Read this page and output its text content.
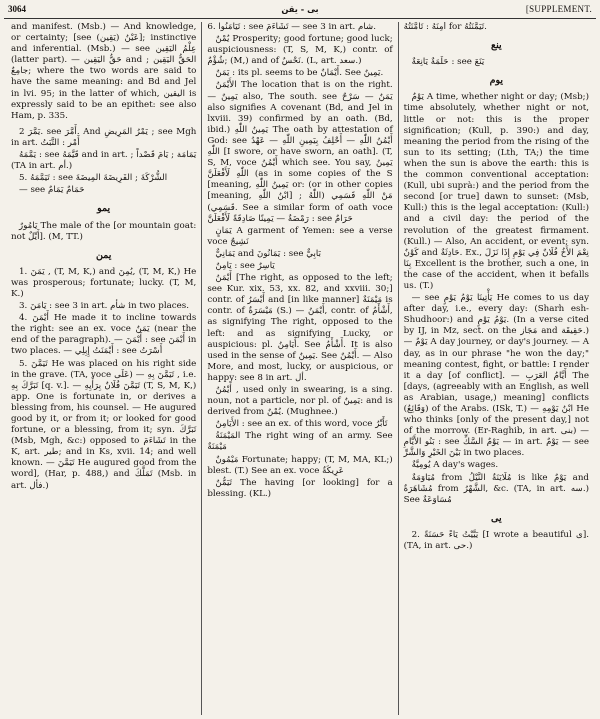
3064	بى - يقن	[SUPPLEMENT.

and manifest. (Msb.) — And knowledge, or certainty; [see (يَقِين) عَيْنُ]; instinctive and inferential. (Msb.) — see عِلْمُ اليَقِين (latter part). — حَقُّ اليَقِين and الحَقُّ اليَقِين ; جامِعٌ; where the two words are said to have the same meaning: and Bd and Jel in lvi. 95; in the latter of which, اليقين is expressly said to be an epithet: see also Ham, p. 335.

يَمَّرَ 2. see أَمَّرَ. And يَمْرُ المَرِيضِ ; see Mgh in art. أَمْر : التَّبَتُ

يَمَّمَهُ : see قَيَّمَهُ and in art. ; يَمَامَة ; يَامَ قَصْداً (TA in art. أم.)

5. تَيَمَّمَهُ : see الشُّرْكَةَ ; الفَرِيضَةَ المِيضَةَ

— see حَمَامٌ يَمَامٌ

يمو

يَامُورٌ The male of the [or mountain goat: not أَيِّلٌ]. (M, TT.)

يمن

1. يَمَنَ , (T, M, K,) and يُمِنَ, (T, M, K,) He was prosperous; fortunate; lucky. (T, M, K.)

3. يَامَنَ : see 3 in art. شأم in two places.

4. أَيْمَنَ He made it to incline towards the right: see an ex. voce يَمَنٌ (near the end of the paragraph). — أَيْمَنَ : see أَيْمَنَ in two places. — أَيْمَنَتُ إِبِلِي : see أَسْرَتُ

5. تَيَمَّنَ He was placed on his right side in the grave. (TA, voce عَلَى) — تَيَمَّنَ بِهِ , i.e. تَبَرَّكَ بِهِ [q. v.]. — تَيَمَّنَ فُلَانٌ بِرَأْيِهِ (T, S, M, K,) app. One is fortunate in, or derives a blessing from, his counsel. — He augured good by it, or from it; or looked for good fortune, or a blessing, from it; syn. تَبَرَّكَ (Msb, Mgh, &c:) opposed to تَشَاءَمَ in the K, art. طير; and in Ks, xvii. 14; and well known. — تَيَمَّنَ He augured good from the word], (Har, p. 488,) and تَمَلَّكَ (Msb. in art. فأل.)

6. تَيَامَنُوا : see تَشَاءَمَ — see 3 in art. شأم.

يُمْنٌ Prosperity; good fortune; good luck; auspiciousness: (T, S, M, K,) contr. of شُؤْمٌ; (M,) and of نَحْسٌ. (L, art. سعد.)

يَمَنٌ : its pl. seems to be أَيْمَانٌ. See يَمِينٌ.

الأَيْمَنُ The location that is on the right. — يَمِينٌ also, The south. see يَمَنٌ — سَرْحٌ also signifies A covenant (Bd, and Jel in lxviii. 39) confirmed by an oath. (Bd, ibid.) يَمِينُ اللّٰهِ The oath by attestation of God: see أَيْمُنُ اللّٰهِ — أَحْلِفُ بِيَمِينِ اللّٰهِ — عَهْدُ اللّٰهِ [I swore, or have sworn, an oath]. (T, S, M, voce أَيْمُنُ which see. You say, يَمِينُ اللّٰهِ لَأَفْعَلَنَّ (as in some copies of the S [meaning, يَمِينُ اللّٰهِ or: (or in other copies [meaning, ابْنُ اللّٰهِ] ; مَنْ اللّٰهِ قَسَمِي (اللّٰهُ قَسَمِي). See a similar form of oath voce رَمْضَةٌ — يَمِينًا صَادِقَةً لَأَفْعَلَنَّ : see حَرَامٌ

يَمَانٍ A garment of Yemen: see a verse voce نَشِيجٌ

يَمَانِيٌّ and يَمَانُونَ : see بَابِيٌّ

يَامِنٌ : see يَاسِرٌ

أَيْمَنُ [The right, as opposed to the left; see Kur. xix. 53, xx. 82, and xxviii. 30;] contr. of أَيْسَرُ and [in like manner] مَيْمَنَةٌ is contr. of مَيْسَرَةٌ (S.) — أَيْمَنُ, contr. of أَشْأَمُ, as signifying The right, opposed to the left: and as signifying Lucky, or auspicious: pl. أَيَامِنُ. See أَشْأَمُ. It is also used in the sense of يَمِينٌ. See أَيْمُنٌ. — Also More, and most, lucky, or auspicious, or happy: see 8 in art. أل.

أَيْمُنُ , used only in swearing, is a sing. noun, not a particle, nor pl. of يَمِينٌ: and is derived from يُمْنٌ. (Mughnee.)

الأَيَامِنُ : see an ex. of this word, voce تَأَبِّرُ

المَيْمَنَةُ The right wing of an army. See مَيْمَنَةٌ

مَيْمُونٌ Fortunate; happy; (T, M, MA, KL;) blest. (T.) See an ex. voce عَرِيكَةٌ

تَيَمُّنٌ The having [or looking] for a blessing. (KL.)

أَمِنَهُ : تَأَمَّنَتُهُ for تَيَمَّنَتُهُ.

ينع

حَلَمَةٌ يَانِعَةٌ : see يَنَعَ

يوم

يَوْمٌ A time, whether night or day; (Msb;) time absolutely, whether night or not, little or not: this is the proper signification; (Kull, p. 390:) and day, meaning the period from the rising of the sun to its setting; (Lth, TA;) the time when the sun is above the earth: this is the common conventional acceptation: (Kull, ubi suprà:) and the period from the second [or true] dawn to sunset: (Msb, Kull:) this is the legal acceptation: (Kull:) and a civil day: the period of the revolution of the greatest firmament. (Kull.) — Also, An accident, or event; syn. كَوْنٌ and حَادِثَةٌ. Ex., نِعْمَ الأَخُ فُلَانٌ فِي يَوْمِ إِذَا نَزَلَ بِنَا Excellent is the brother, such a one, in the case of the accident, when it befalls us. (T.)

— see يَأْتِينَا يَوْمُ يَوْمٍ He comes to us day after day, i.e., every day: (Sharh esh-Shudhoor:) and يَوْمُ يَوْمٍ. (In a verse cited by IJ, in Mz, sect. on the مَجَاز and حَقِيقَة.) — يَوْمٌ A day journey, or day's journey. — A day, as in our phrase "he won the day;" meaning contest, fight, or battle: I render it a day [of conflict]. — أَيَّامُ العَرَبِ The [days, (agreeably with an English, as well as Arabian, usage,) meaning] conflicts (وَقَائِعُ) of the Arabs. (ISk, T.) — ابْنُ يَوْمِهِ He who thinks [only of the present day,] not of the morrow. (Er-Raghib, in art. بنى) — بَنُو الأَيَّامِ : see يَوْمٌ السَّكِّ — in art. يَوْمٌ — see بَيْنَ الخَيْرِ وَالشَّرِّ in two places.

يُومِيَّةٌ A day's wages.

مُيَاوَمَةٌ from مُلَايَنَةٌ النَّيْلُ is like يَوْمٌ and مُشَاهَرَةٌ from الشَّهْرُ, &c. (TA, in art. سه.) See مُسَاوَعَةٌ

يى

2. يَيَّيْتُ يَاءً حَسَنَةً [I wrote a beautiful ى]. (TA, in art. حى.)
